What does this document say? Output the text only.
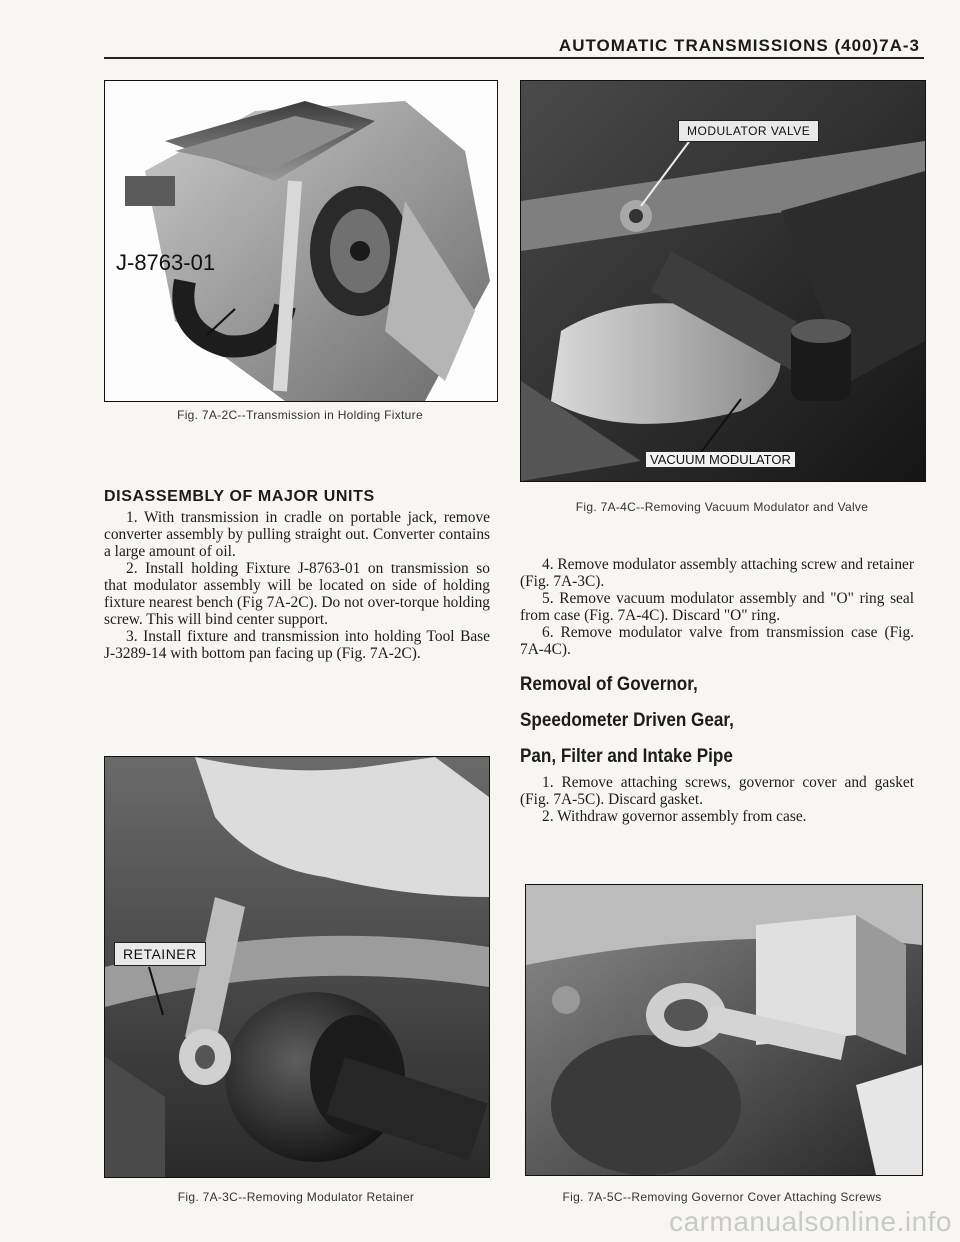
AUTOMATIC TRANSMISSIONS (400)7A-3
J-8763-01
Fig. 7A-2C--Transmission in Holding Fixture
MODULATOR VALVE
VACUUM MODULATOR
Fig. 7A-4C--Removing Vacuum Modulator and Valve
DISASSEMBLY OF MAJOR UNITS

1. With transmission in cradle on portable jack, remove converter assembly by pulling straight out. Converter contains a large amount of oil.

2. Install holding Fixture J-8763-01 on transmission so that modulator assembly will be located on side of holding fixture nearest bench (Fig 7A-2C). Do not over-torque holding screw. This will bind center support.

3. Install fixture and transmission into holding Tool Base J-3289-14 with bottom pan facing up (Fig. 7A-2C).

4. Remove modulator assembly attaching screw and retainer (Fig. 7A-3C).

5. Remove vacuum modulator assembly and "O" ring seal from case (Fig. 7A-4C). Discard "O" ring.

6. Remove modulator valve from transmission case (Fig. 7A-4C).

Removal of Governor,
Speedometer Driven Gear,
Pan, Filter and Intake Pipe

1. Remove attaching screws, governor cover and gasket (Fig. 7A-5C). Discard gasket.

2. Withdraw governor assembly from case.

RETAINER
Fig. 7A-3C--Removing Modulator Retainer	Fig. 7A-5C--Removing Governor Cover Attaching Screws
carmanualsonline.info
